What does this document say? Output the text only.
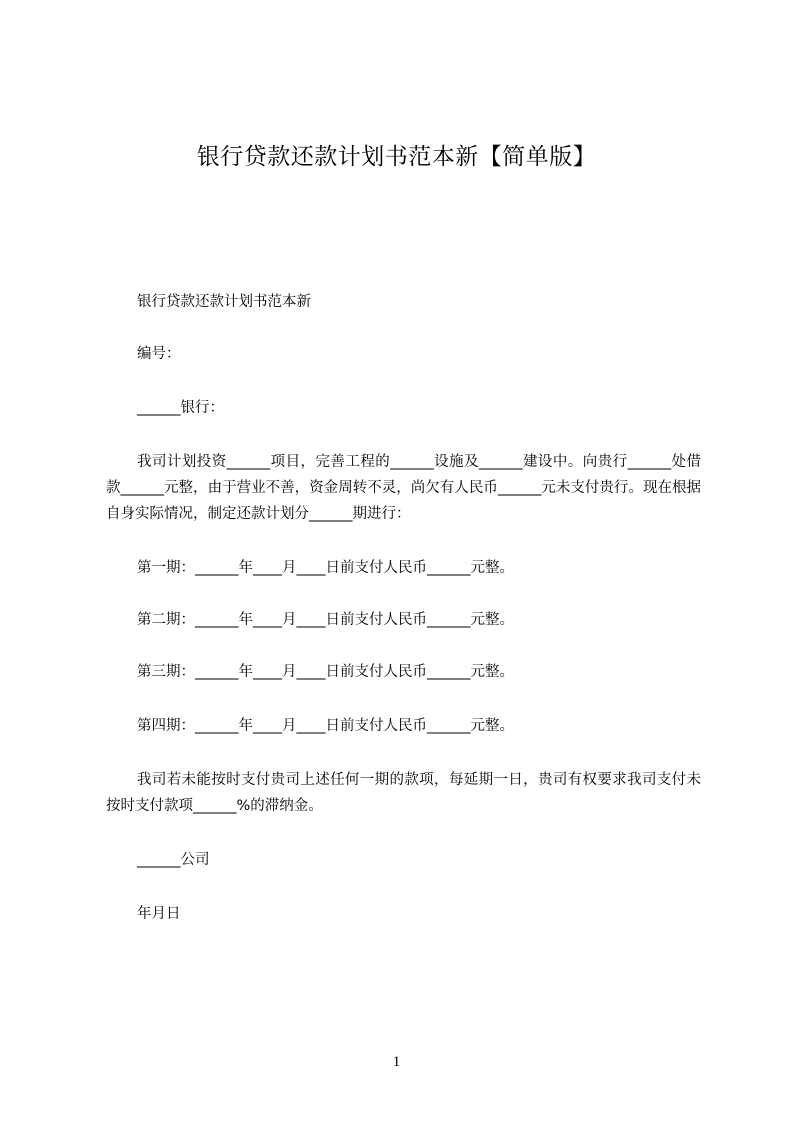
银行贷款还款计划书范本新【简单版】
银行贷款还款计划书范本新
编号：
______银行：
我司计划投资______项目，完善工程的______设施及______建设中。向贵行______处借款______元整，由于营业不善，资金周转不灵，尚欠有人民币______元未支付贵行。现在根据自身实际情况，制定还款计划分______期进行：
第一期：______年____月____日前支付人民币______元整。
第二期：______年____月____日前支付人民币______元整。
第三期：______年____月____日前支付人民币______元整。
第四期：______年____月____日前支付人民币______元整。
我司若未能按时支付贵司上述任何一期的款项，每延期一日，贵司有权要求我司支付未按时支付款项______%的滞纳金。
______公司
年月日
1
